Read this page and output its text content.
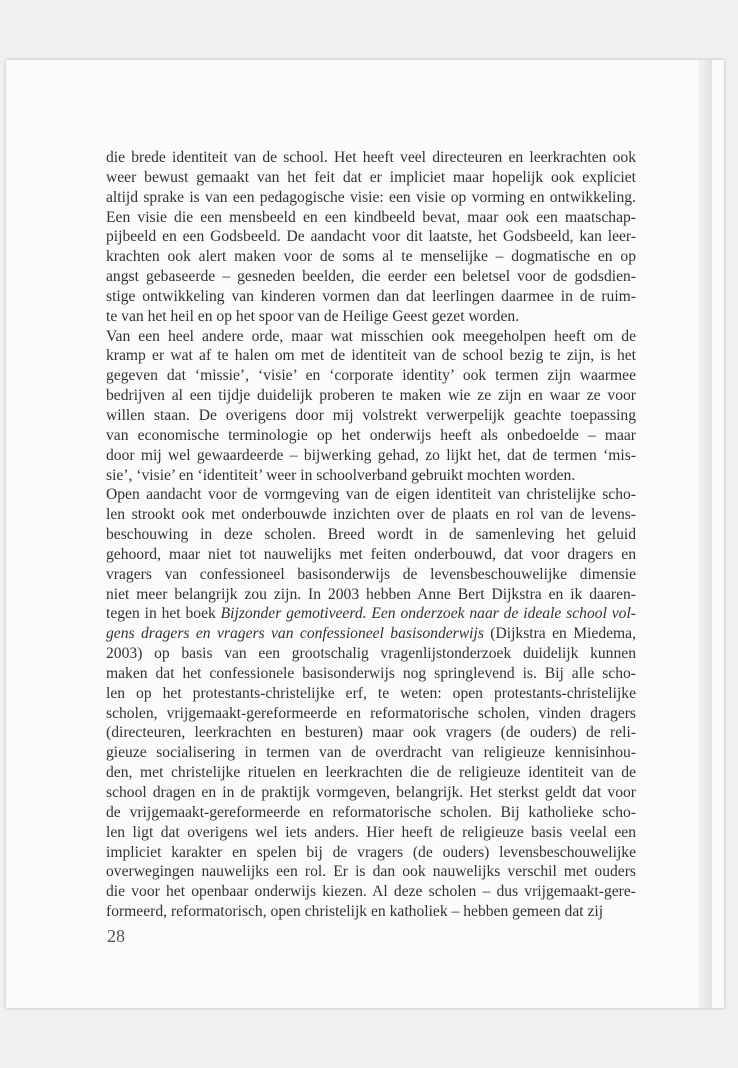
die brede identiteit van de school. Het heeft veel directeuren en leerkrachten ook
weer bewust gemaakt van het feit dat er impliciet maar hopelijk ook expliciet
altijd sprake is van een pedagogische visie: een visie op vorming en ontwikkeling.
Een visie die een mensbeeld en een kindbeeld bevat, maar ook een maatschap-
pijbeeld en een Godsbeeld. De aandacht voor dit laatste, het Godsbeeld, kan leer-
krachten ook alert maken voor de soms al te menselijke – dogmatische en op
angst gebaseerde – gesneden beelden, die eerder een beletsel voor de godsdien-
stige ontwikkeling van kinderen vormen dan dat leerlingen daarmee in de ruim-
te van het heil en op het spoor van de Heilige Geest gezet worden.

Van een heel andere orde, maar wat misschien ook meegeholpen heeft om de
kramp er wat af te halen om met de identiteit van de school bezig te zijn, is het
gegeven dat ‘missie’, ‘visie’ en ‘corporate identity’ ook termen zijn waarmee
bedrijven al een tijdje duidelijk proberen te maken wie ze zijn en waar ze voor
willen staan. De overigens door mij volstrekt verwerpelijk geachte toepassing
van economische terminologie op het onderwijs heeft als onbedoelde – maar
door mij wel gewaardeerde – bijwerking gehad, zo lijkt het, dat de termen ‘mis-
sie’, ‘visie’ en ‘identiteit’ weer in schoolverband gebruikt mochten worden.

Open aandacht voor de vormgeving van de eigen identiteit van christelijke scho-
len strookt ook met onderbouwde inzichten over de plaats en rol van de levens-
beschouwing in deze scholen. Breed wordt in de samenleving het geluid
gehoord, maar niet tot nauwelijks met feiten onderbouwd, dat voor dragers en
vragers van confessioneel basisonderwijs de levensbeschouwelijke dimensie
niet meer belangrijk zou zijn. In 2003 hebben Anne Bert Dijkstra en ik daaren-
tegen in het boek Bijzonder gemotiveerd. Een onderzoek naar de ideale school vol-
gens dragers en vragers van confessioneel basisonderwijs (Dijkstra en Miedema,
2003) op basis van een grootschalig vragenlijstonderzoek duidelijk kunnen
maken dat het confessionele basisonderwijs nog springlevend is. Bij alle scho-
len op het protestants-christelijke erf, te weten: open protestants-christelijke
scholen, vrijgemaakt-gereformeerde en reformatorische scholen, vinden dragers
(directeuren, leerkrachten en besturen) maar ook vragers (de ouders) de reli-
gieuze socialisering in termen van de overdracht van religieuze kennisinhou-
den, met christelijke rituelen en leerkrachten die de religieuze identiteit van de
school dragen en in de praktijk vormgeven, belangrijk. Het sterkst geldt dat voor
de vrijgemaakt-gereformeerde en reformatorische scholen. Bij katholieke scho-
len ligt dat overigens wel iets anders. Hier heeft de religieuze basis veelal een
impliciet karakter en spelen bij de vragers (de ouders) levensbeschouwelijke
overwegingen nauwelijks een rol. Er is dan ook nauwelijks verschil met ouders
die voor het openbaar onderwijs kiezen. Al deze scholen – dus vrijgemaakt-gere-
formeerd, reformatorisch, open christelijk en katholiek – hebben gemeen dat zij

28
